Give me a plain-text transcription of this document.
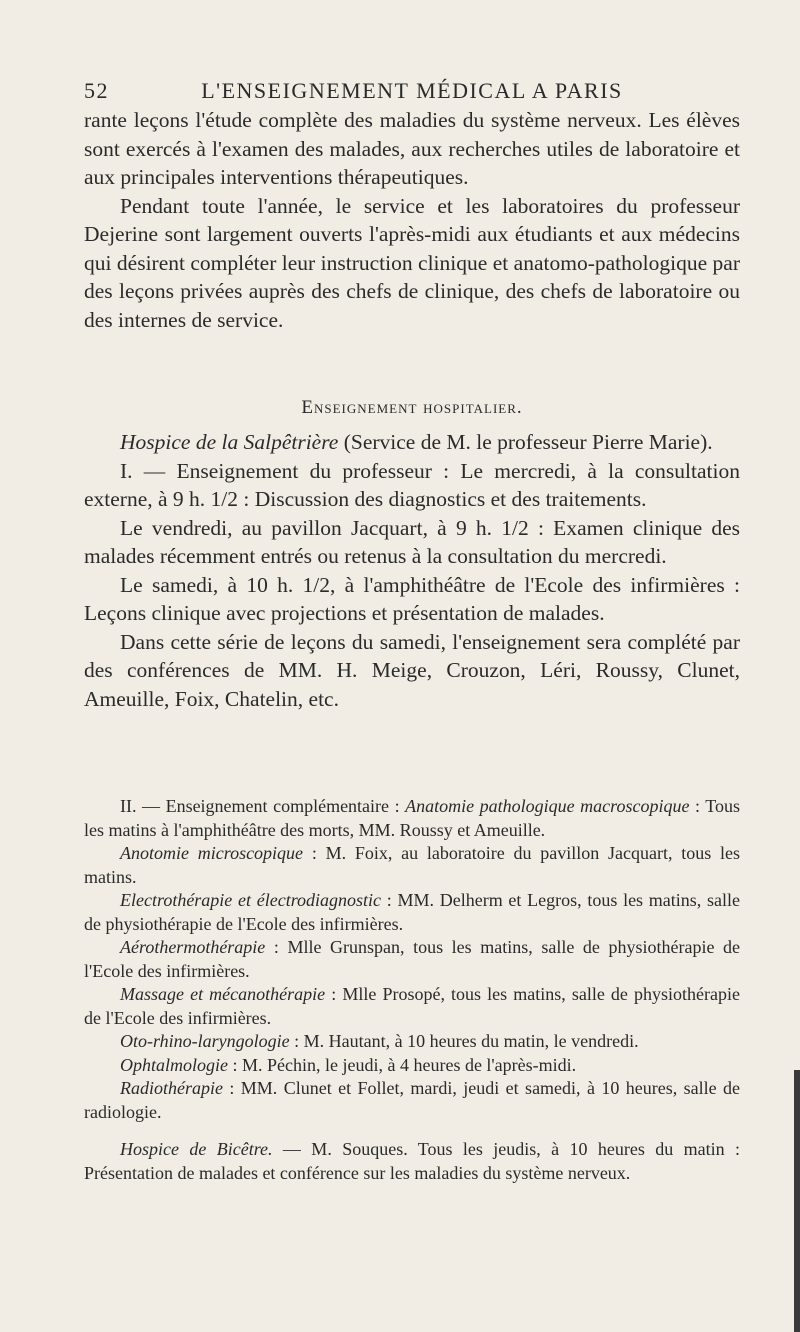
52	L'ENSEIGNEMENT MÉDICAL A PARIS

rante leçons l'étude complète des maladies du système nerveux. Les élèves sont exercés à l'examen des malades, aux recherches utiles de laboratoire et aux principales interventions thérapeutiques.

Pendant toute l'année, le service et les laboratoires du professeur Dejerine sont largement ouverts l'après-midi aux étudiants et aux médecins qui désirent compléter leur instruction clinique et anatomo-pathologique par des leçons privées auprès des chefs de clinique, des chefs de laboratoire ou des internes de service.

Enseignement hospitalier.

Hospice de la Salpêtrière (Service de M. le professeur Pierre Marie).

I. — Enseignement du professeur : Le mercredi, à la consultation externe, à 9 h. 1/2 : Discussion des diagnostics et des traitements.

Le vendredi, au pavillon Jacquart, à 9 h. 1/2 : Examen clinique des malades récemment entrés ou retenus à la consultation du mercredi.

Le samedi, à 10 h. 1/2, à l'amphithéâtre de l'Ecole des infirmières : Leçons clinique avec projections et présentation de malades.

Dans cette série de leçons du samedi, l'enseignement sera complété par des conférences de MM. H. Meige, Crouzon, Léri, Roussy, Clunet, Ameuille, Foix, Chatelin, etc.

II. — Enseignement complémentaire : Anatomie pathologique macroscopique : Tous les matins à l'amphithéâtre des morts, MM. Roussy et Ameuille.

Anotomie microscopique : M. Foix, au laboratoire du pavillon Jacquart, tous les matins.

Electrothérapie et électrodiagnostic : MM. Delherm et Legros, tous les matins, salle de physiothérapie de l'Ecole des infirmières.

Aérothermothérapie : Mlle Grunspan, tous les matins, salle de physiothérapie de l'Ecole des infirmières.

Massage et mécanothérapie : Mlle Prosopé, tous les matins, salle de physiothérapie de l'Ecole des infirmières.

Oto-rhino-laryngologie : M. Hautant, à 10 heures du matin, le vendredi.

Ophtalmologie : M. Péchin, le jeudi, à 4 heures de l'après-midi.

Radiothérapie : MM. Clunet et Follet, mardi, jeudi et samedi, à 10 heures, salle de radiologie.

Hospice de Bicêtre. — M. Souques. Tous les jeudis, à 10 heures du matin : Présentation de malades et conférence sur les maladies du système nerveux.
